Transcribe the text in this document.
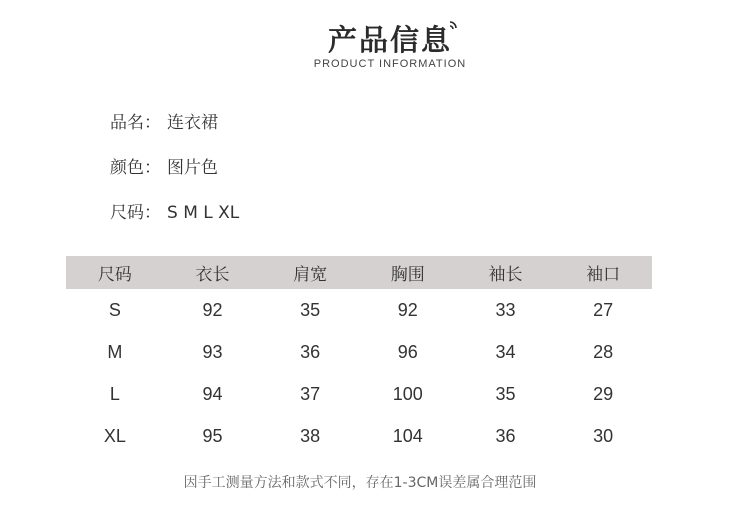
产品信息
PRODUCT INFORMATION
品名： 连衣裙
颜色： 图片色
尺码： S M L XL
尺码	衣长	肩宽	胸围	袖长	袖口
S	92	35	92	33	27
M	93	36	96	34	28
L	94	37	100	35	29
XL	95	38	104	36	30
因手工测量方法和款式不同，存在1-3CM误差属合理范围
